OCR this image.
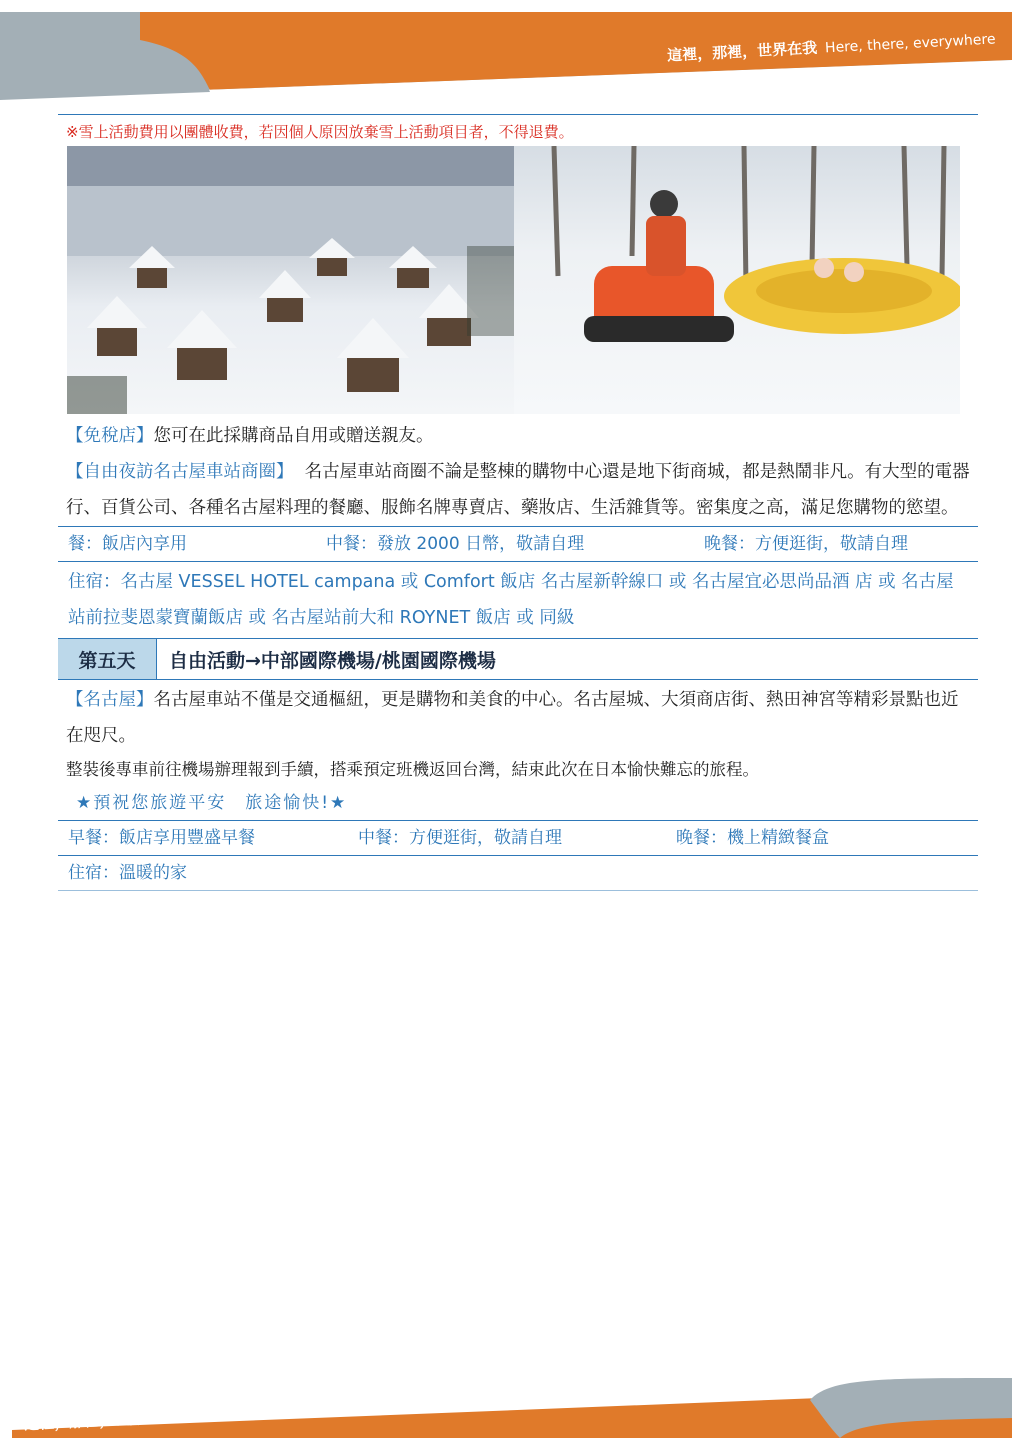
這裡，那裡，世界在我 Here, there, everywhere
※雪上活動費用以團體收費，若因個人原因放棄雪上活動項目者，不得退費。
【免稅店】您可在此採購商品自用或贈送親友。
【自由夜訪名古屋車站商圈】 名古屋車站商圈不論是整棟的購物中心還是地下街商城，都是熱鬧非凡。有大型的電器行、百貨公司、各種名古屋料理的餐廳、服飾名牌專賣店、藥妝店、生活雜貨等。密集度之高，滿足您購物的慾望。
餐：飯店內享用	中餐：發放 2000 日幣，敬請自理	晚餐：方便逛街，敬請自理
住宿：名古屋 VESSEL HOTEL campana 或 Comfort 飯店 名古屋新幹線口 或 名古屋宜必思尚品酒 店 或 名古屋站前拉斐恩蒙寶蘭飯店 或 名古屋站前大和 ROYNET 飯店 或 同級
第五天	自由活動→中部國際機場/桃園國際機場
【名古屋】名古屋車站不僅是交通樞紐，更是購物和美食的中心。名古屋城、大須商店街、熱田神宮等精彩景點也近在咫尺。
整裝後專車前往機場辦理報到手續，搭乘預定班機返回台灣，結束此次在日本愉快難忘的旅程。
★預祝您旅遊平安　旅途愉快!★
早餐：飯店享用豐盛早餐	中餐：方便逛街，敬請自理	晚餐：機上精緻餐盒
住宿：溫暖的家
這裡，那裡，世界在我 Here, there, everywhere
